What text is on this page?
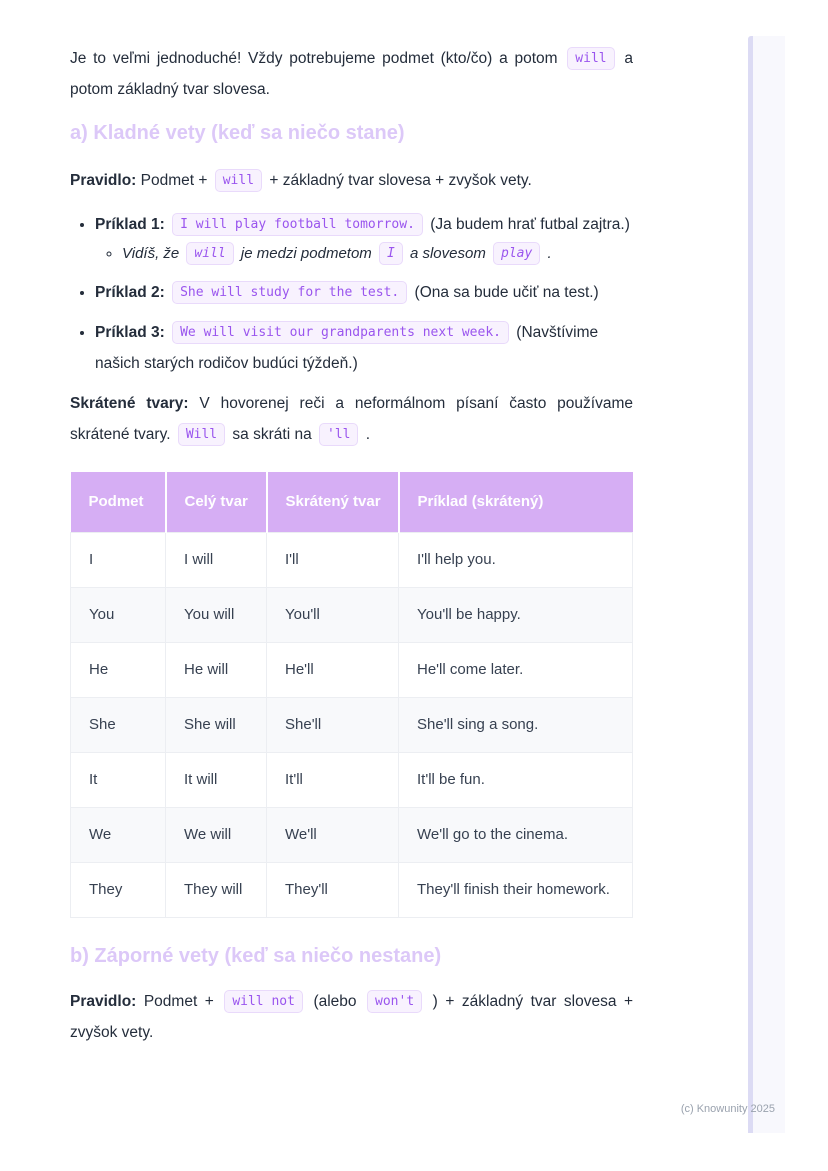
Je to veľmi jednoduché! Vždy potrebujeme podmet (kto/čo) a potom will a potom základný tvar slovesa.

a) Kladné vety (keď sa niečo stane)

Pravidlo: Podmet + will + základný tvar slovesa + zvyšok vety.

• Príklad 1: I will play football tomorrow. (Ja budem hrať futbal zajtra.)
◦ Vidíš, že will je medzi podmetom I a slovesom play .
• Príklad 2: She will study for the test. (Ona sa bude učiť na test.)
• Príklad 3: We will visit our grandparents next week. (Navštívime našich starých rodičov budúci týždeň.)

Skrátené tvary: V hovorenej reči a neformálnom písaní často používame skrátené tvary. Will sa skráti na 'll .

Podmet	Celý tvar	Skrátený tvar	Príklad (skrátený)
I	I will	I'll	I'll help you.
You	You will	You'll	You'll be happy.
He	He will	He'll	He'll come later.
She	She will	She'll	She'll sing a song.
It	It will	It'll	It'll be fun.
We	We will	We'll	We'll go to the cinema.
They	They will	They'll	They'll finish their homework.
b) Záporné vety (keď sa niečo nestane)

Pravidlo: Podmet + will not (alebo won't ) + základný tvar slovesa + zvyšok vety.

(c) Knowunity 2025
